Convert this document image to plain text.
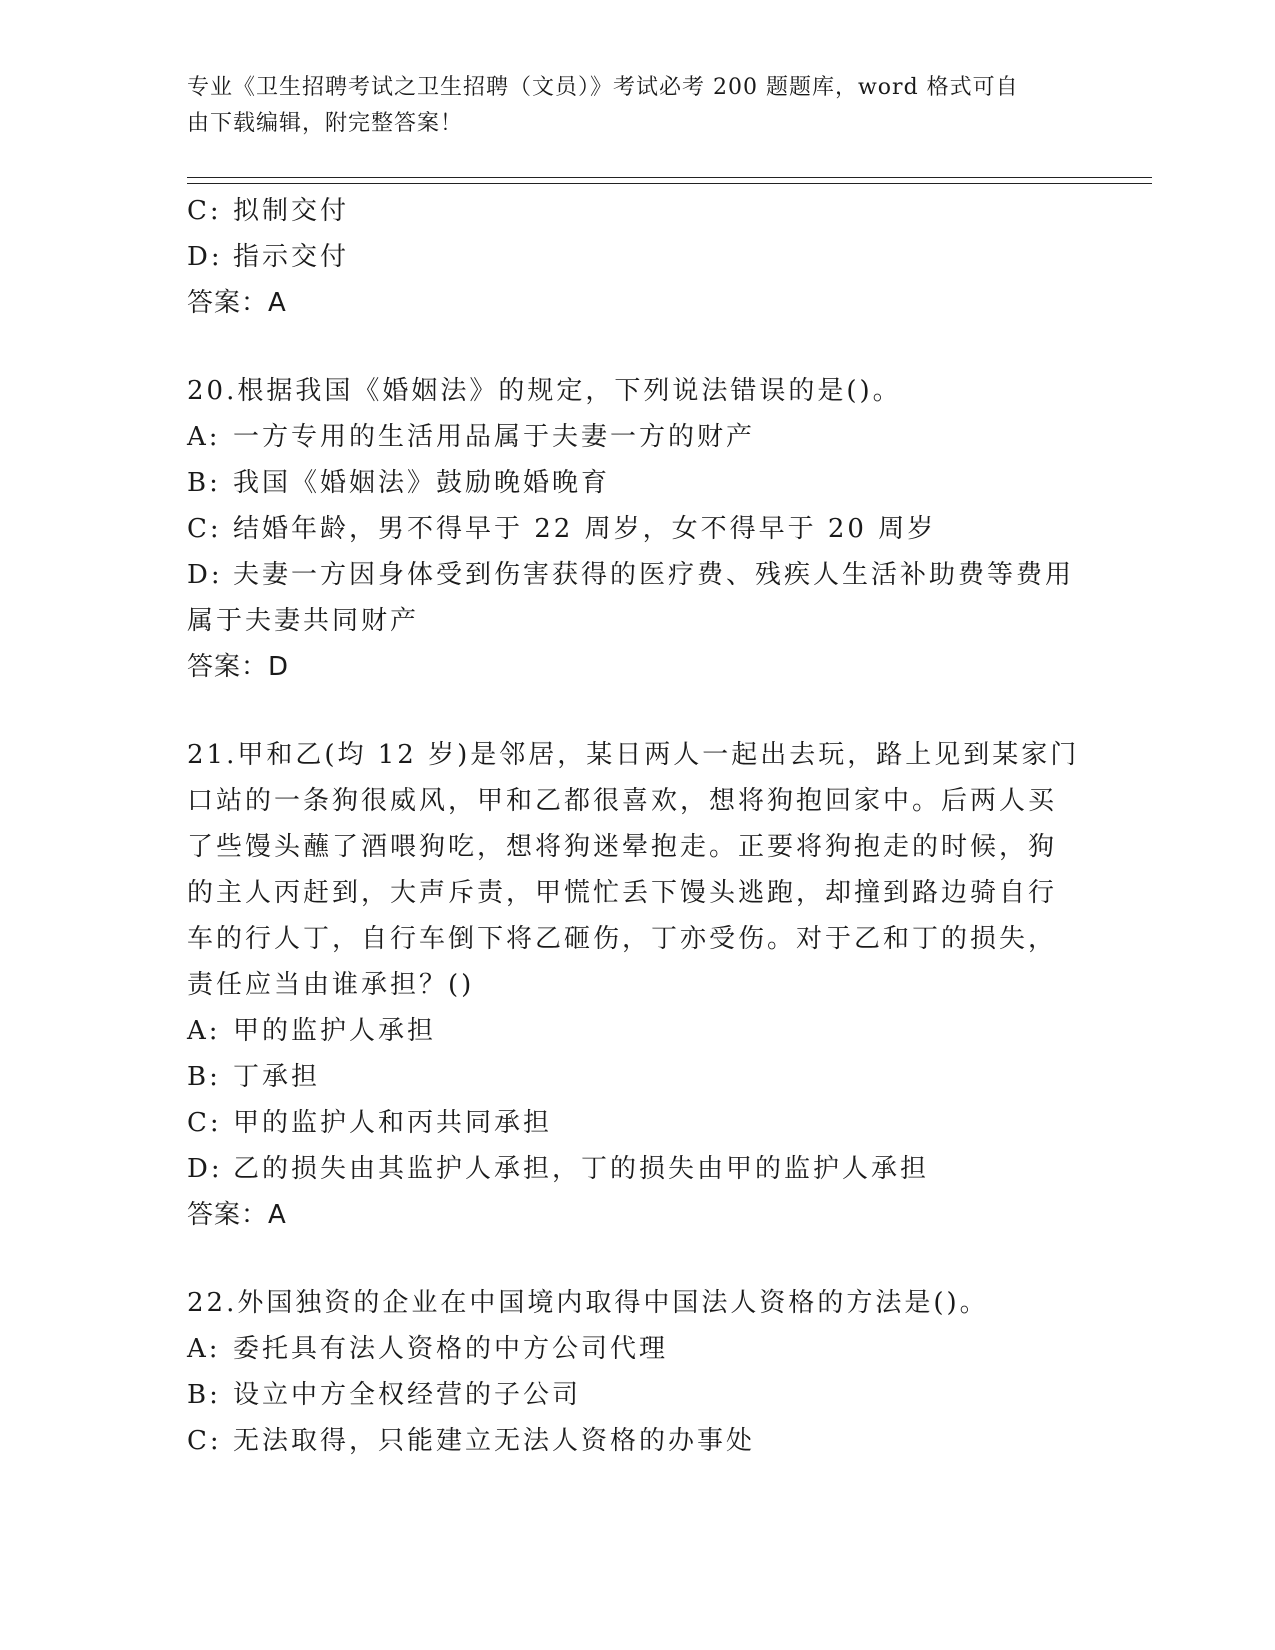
专业《卫生招聘考试之卫生招聘（文员）》考试必考 200 题题库，word 格式可自
由下载编辑，附完整答案！
C: 拟制交付
D: 指示交付
答案：A
20.根据我国《婚姻法》的规定，下列说法错误的是()。
A: 一方专用的生活用品属于夫妻一方的财产
B: 我国《婚姻法》鼓励晚婚晚育
C: 结婚年龄，男不得早于 22 周岁，女不得早于 20 周岁
D: 夫妻一方因身体受到伤害获得的医疗费、残疾人生活补助费等费用
属于夫妻共同财产
答案：D
21.甲和乙(均 12 岁)是邻居，某日两人一起出去玩，路上见到某家门
口站的一条狗很威风，甲和乙都很喜欢，想将狗抱回家中。后两人买
了些馒头蘸了酒喂狗吃，想将狗迷晕抱走。正要将狗抱走的时候，狗
的主人丙赶到，大声斥责，甲慌忙丢下馒头逃跑，却撞到路边骑自行
车的行人丁，自行车倒下将乙砸伤，丁亦受伤。对于乙和丁的损失，
责任应当由谁承担？()
A: 甲的监护人承担
B: 丁承担
C: 甲的监护人和丙共同承担
D: 乙的损失由其监护人承担，丁的损失由甲的监护人承担
答案：A
22.外国独资的企业在中国境内取得中国法人资格的方法是()。
A: 委托具有法人资格的中方公司代理
B: 设立中方全权经营的子公司
C: 无法取得，只能建立无法人资格的办事处
